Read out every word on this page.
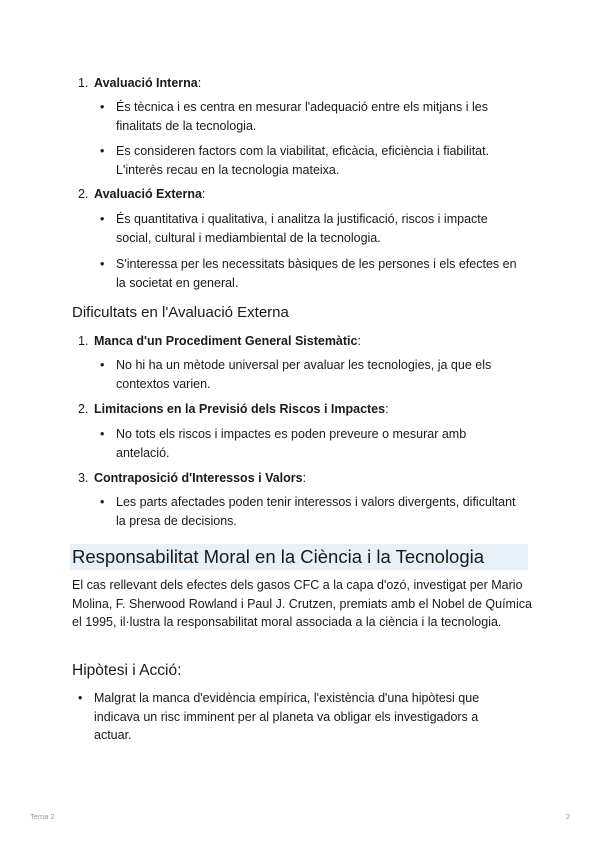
1. Avaluació Interna:
• És tècnica i es centra en mesurar l'adequació entre els mitjans i les finalitats de la tecnologia.
• Es consideren factors com la viabilitat, eficàcia, eficiència i fiabilitat. L'interès recau en la tecnologia mateixa.
2. Avaluació Externa:
• És quantitativa i qualitativa, i analitza la justificació, riscos i impacte social, cultural i mediambiental de la tecnologia.
• S'interessa per les necessitats bàsiques de les persones i els efectes en la societat en general.
Dificultats en l'Avaluació Externa
1. Manca d'un Procediment General Sistemàtic:
• No hi ha un mètode universal per avaluar les tecnologies, ja que els contextos varien.
2. Limitacions en la Previsió dels Riscos i Impactes:
• No tots els riscos i impactes es poden preveure o mesurar amb antelació.
3. Contraposició d'Interessos i Valors:
• Les parts afectades poden tenir interessos i valors divergents, dificultant la presa de decisions.
Responsabilitat Moral en la Ciència i la Tecnologia
El cas rellevant dels efectes dels gasos CFC a la capa d'ozó, investigat per Mario Molina, F. Sherwood Rowland i Paul J. Crutzen, premiats amb el Nobel de Química el 1995, il·lustra la responsabilitat moral associada a la ciència i la tecnologia.
Hipòtesi i Acció:
• Malgrat la manca d'evidència empírica, l'existència d'una hipòtesi que indicava un risc imminent per al planeta va obligar els investigadors a actuar.
Tema 2	2
